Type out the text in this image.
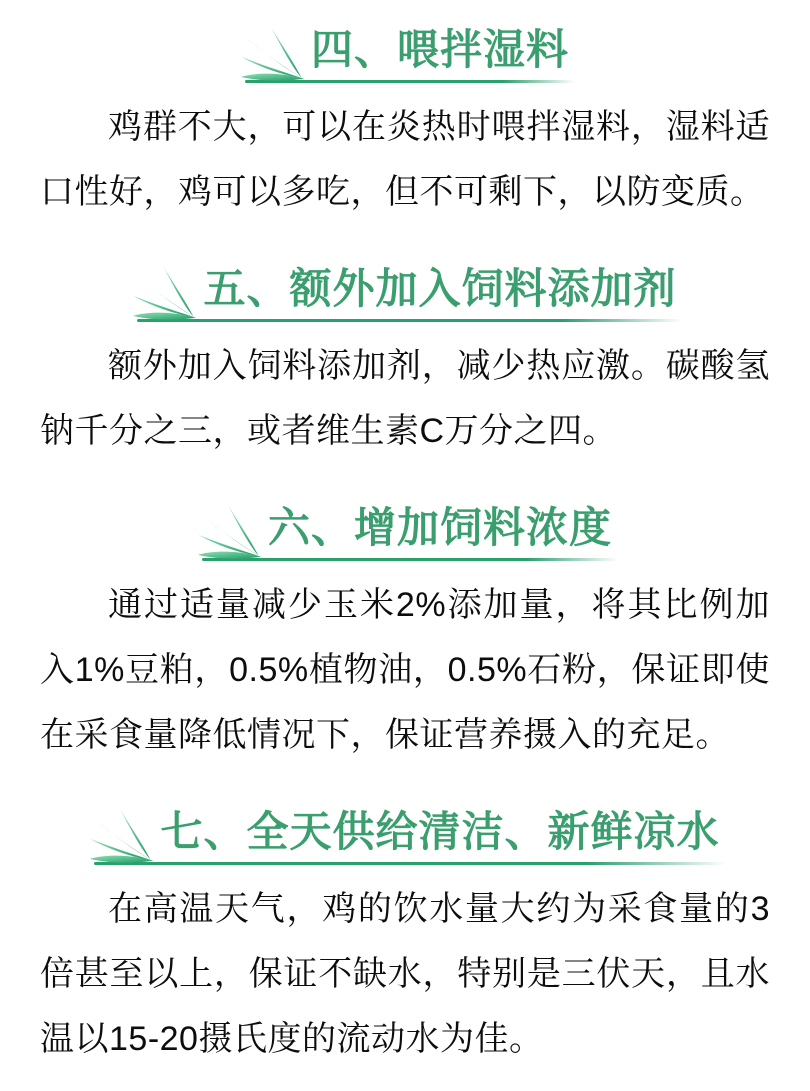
四、喂拌湿料

鸡群不大，可以在炎热时喂拌湿料，湿料适口性好，鸡可以多吃，但不可剩下，以防变质。

五、额外加入饲料添加剂

额外加入饲料添加剂，减少热应激。碳酸氢钠千分之三，或者维生素C万分之四。

六、增加饲料浓度

通过适量减少玉米2%添加量，将其比例加入1%豆粕，0.5%植物油，0.5%石粉，保证即使在采食量降低情况下，保证营养摄入的充足。

七、全天供给清洁、新鲜凉水

在高温天气，鸡的饮水量大约为采食量的3倍甚至以上，保证不缺水，特别是三伏天，且水温以15-20摄氏度的流动水为佳。
